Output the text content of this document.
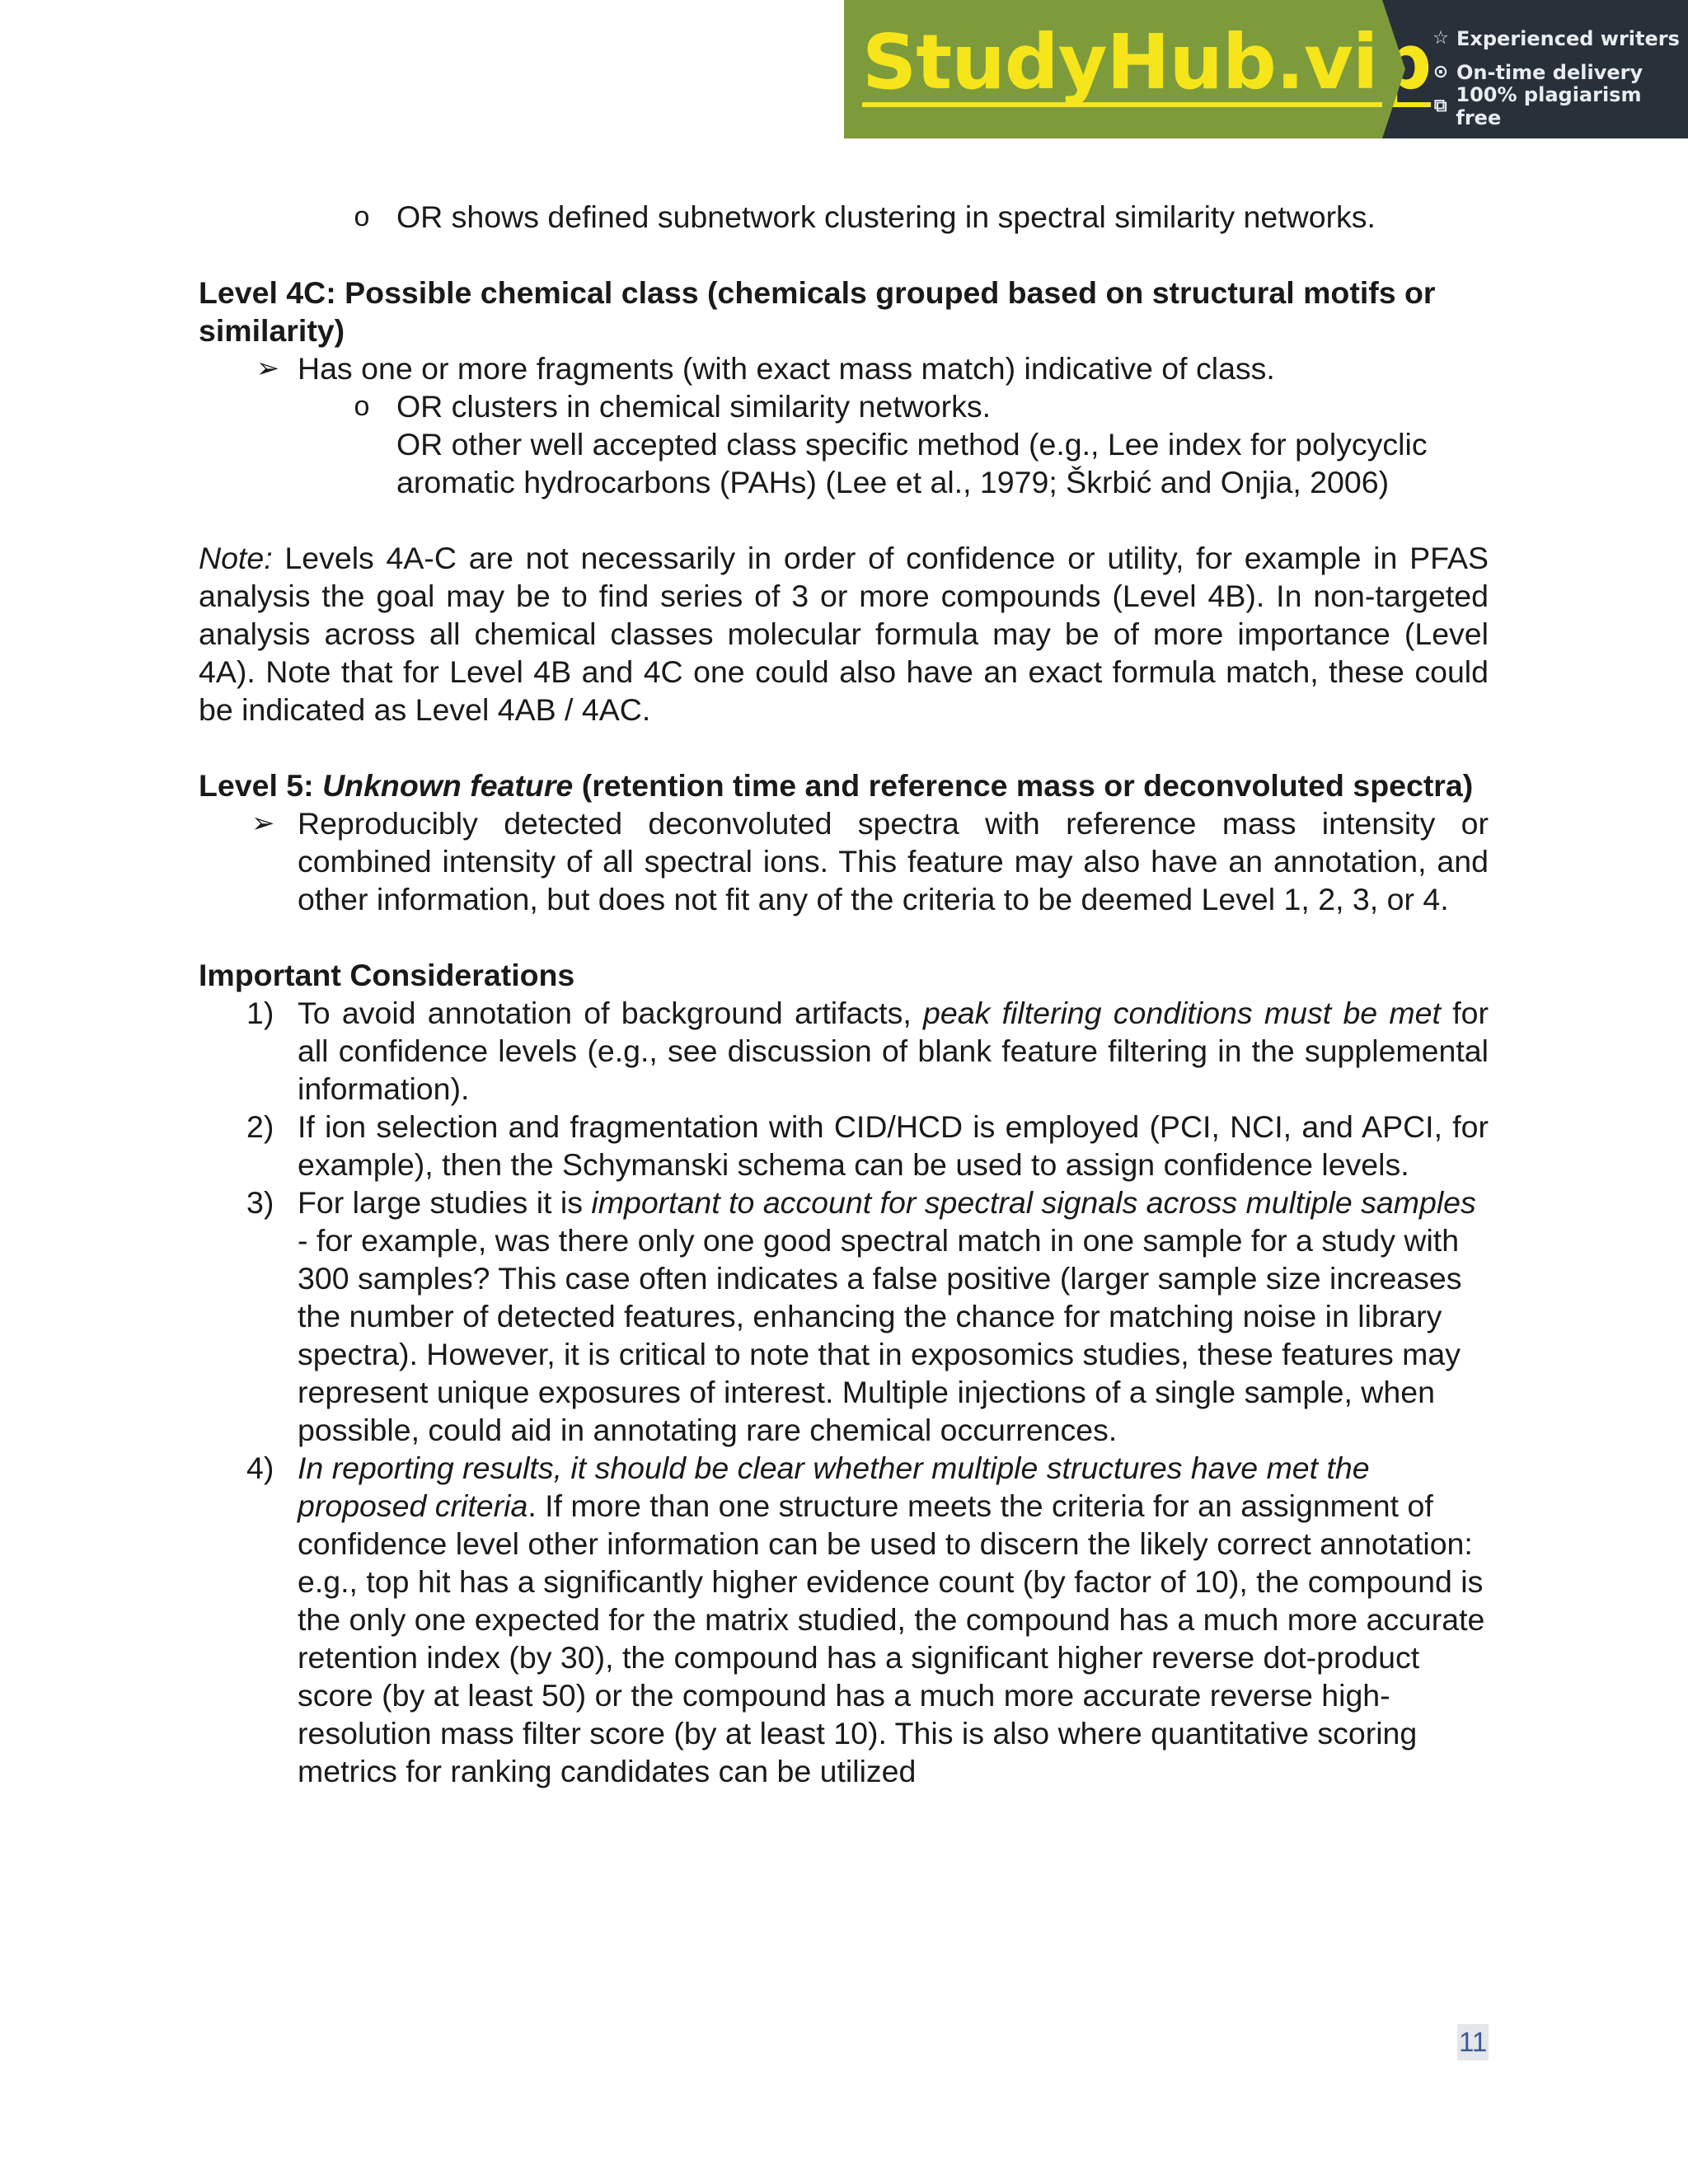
StudyHub.vip ☆ Experienced writers
⊙ On-time delivery
⧉ 100% plagiarism free
o OR shows defined subnetwork clustering in spectral similarity networks.

Level 4C: Possible chemical class (chemicals grouped based on structural motifs or similarity)

➢ Has one or more fragments (with exact mass match) indicative of class.
o OR clusters in chemical similarity networks.
OR other well accepted class specific method (e.g., Lee index for polycyclic aromatic hydrocarbons (PAHs) (Lee et al., 1979; Škrbić and Onjia, 2006)

Note: Levels 4A-C are not necessarily in order of confidence or utility, for example in PFAS analysis the goal may be to find series of 3 or more compounds (Level 4B). In non-targeted analysis across all chemical classes molecular formula may be of more importance (Level 4A). Note that for Level 4B and 4C one could also have an exact formula match, these could be indicated as Level 4AB / 4AC.

Level 5: Unknown feature (retention time and reference mass or deconvoluted spectra)

➢ Reproducibly detected deconvoluted spectra with reference mass intensity or combined intensity of all spectral ions. This feature may also have an annotation, and other information, but does not fit any of the criteria to be deemed Level 1, 2, 3, or 4.

Important Considerations

1) To avoid annotation of background artifacts, peak filtering conditions must be met for all confidence levels (e.g., see discussion of blank feature filtering in the supplemental information).
2) If ion selection and fragmentation with CID/HCD is employed (PCI, NCI, and APCI, for example), then the Schymanski schema can be used to assign confidence levels.
3) For large studies it is important to account for spectral signals across multiple samples - for example, was there only one good spectral match in one sample for a study with 300 samples? This case often indicates a false positive (larger sample size increases the number of detected features, enhancing the chance for matching noise in library spectra). However, it is critical to note that in exposomics studies, these features may represent unique exposures of interest. Multiple injections of a single sample, when possible, could aid in annotating rare chemical occurrences.
4) In reporting results, it should be clear whether multiple structures have met the proposed criteria. If more than one structure meets the criteria for an assignment of confidence level other information can be used to discern the likely correct annotation: e.g., top hit has a significantly higher evidence count (by factor of 10), the compound is the only one expected for the matrix studied, the compound has a much more accurate retention index (by 30), the compound has a significant higher reverse dot-product score (by at least 50) or the compound has a much more accurate reverse high-resolution mass filter score (by at least 10). This is also where quantitative scoring metrics for ranking candidates can be utilized
11
